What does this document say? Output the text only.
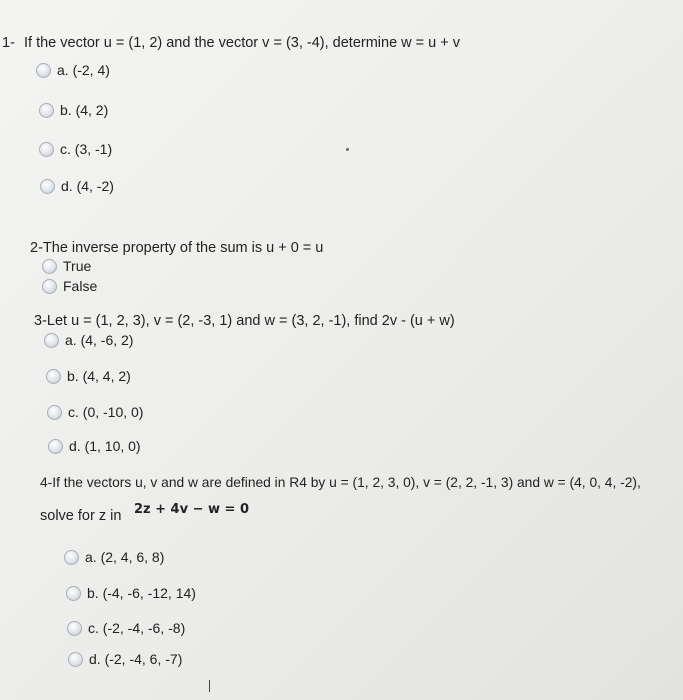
1- If the vector u = (1, 2) and the vector v = (3, -4), determine w = u + v
a. (-2, 4)
b. (4, 2)
c. (3, -1)
d. (4, -2)
2-The inverse property of the sum is u + 0 = u
True
False
3-Let u = (1, 2, 3), v = (2, -3, 1) and w = (3, 2, -1), find 2v - (u + w)
a. (4, -6, 2)
b. (4, 4, 2)
c. (0, -10, 0)
d. (1, 10, 0)
4-If the vectors u, v and w are defined in R4 by u = (1, 2, 3, 0), v = (2, 2, -1, 3) and w = (4, 0, 4, -2),
solve for z in 2z + 4v − w = 0
a. (2, 4, 6, 8)
b. (-4, -6, -12, 14)
c. (-2, -4, -6, -8)
d. (-2, -4, 6, -7)
